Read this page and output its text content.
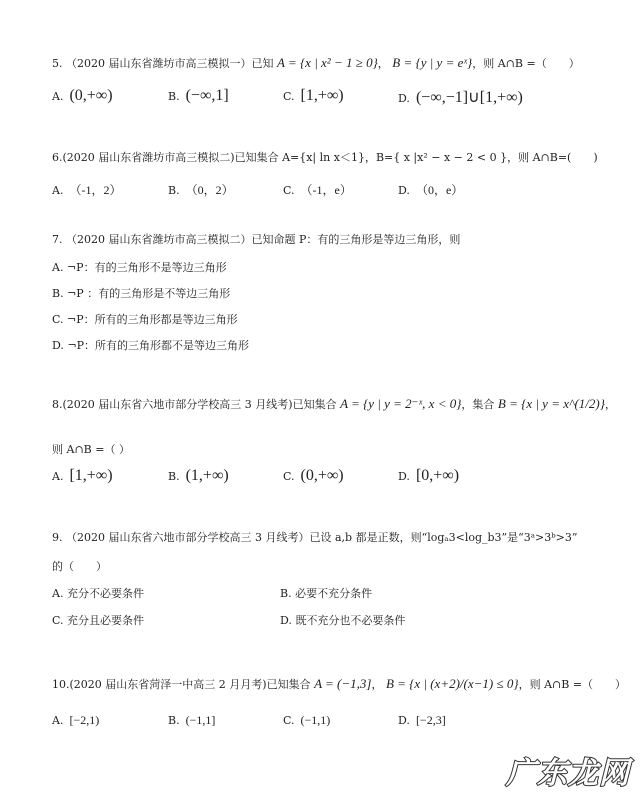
5. （2020 届山东省潍坊市高三模拟一）已知 A = {x | x² − 1 ≥ 0}， B = {y | y = eˣ}，则 A∩B =（　　）
A. (0,+∞)	B. (−∞,1]	C. [1,+∞)	D. (−∞,−1]∪[1,+∞)
6.(2020 届山东省潍坊市高三模拟二)已知集合 A={x| ln x＜1}，B={ x |x² − x − 2 < 0 }，则 A∩B=(　　)
A. （-1，2）	B. （0，2）	C. （-1，e）	D. （0，e）
7. （2020 届山东省潍坊市高三模拟二）已知命题 P：有的三角形是等边三角形，则
A. ¬P：有的三角形不是等边三角形
B. ¬P ：有的三角形是不等边三角形
C. ¬P：所有的三角形都是等边三角形
D. ¬P：所有的三角形都不是等边三角形
8.(2020 届山东省六地市部分学校高三 3 月线考)已知集合 A = {y | y = 2⁻ˣ, x < 0}，集合 B = {x | y = x^(1/2)}，
则 A∩B =（ ）
A. [1,+∞)	B. (1,+∞)	C. (0,+∞)	D. [0,+∞)
9. （2020 届山东省六地市部分学校高三 3 月线考）已设 a,b 都是正数，则“logₐ3<log_b3”是“3ᵃ>3ᵇ>3”
的（　　）
A. 充分不必要条件	B. 必要不充分条件
C. 充分且必要条件	D. 既不充分也不必要条件
10.(2020 届山东省菏泽一中高三 2 月月考)已知集合 A = (−1,3]， B = {x | (x+2)/(x−1) ≤ 0}，则 A∩B =（　　）
A. [−2,1)	B. (−1,1]	C. (−1,1)	D. [−2,3]
广东龙网
